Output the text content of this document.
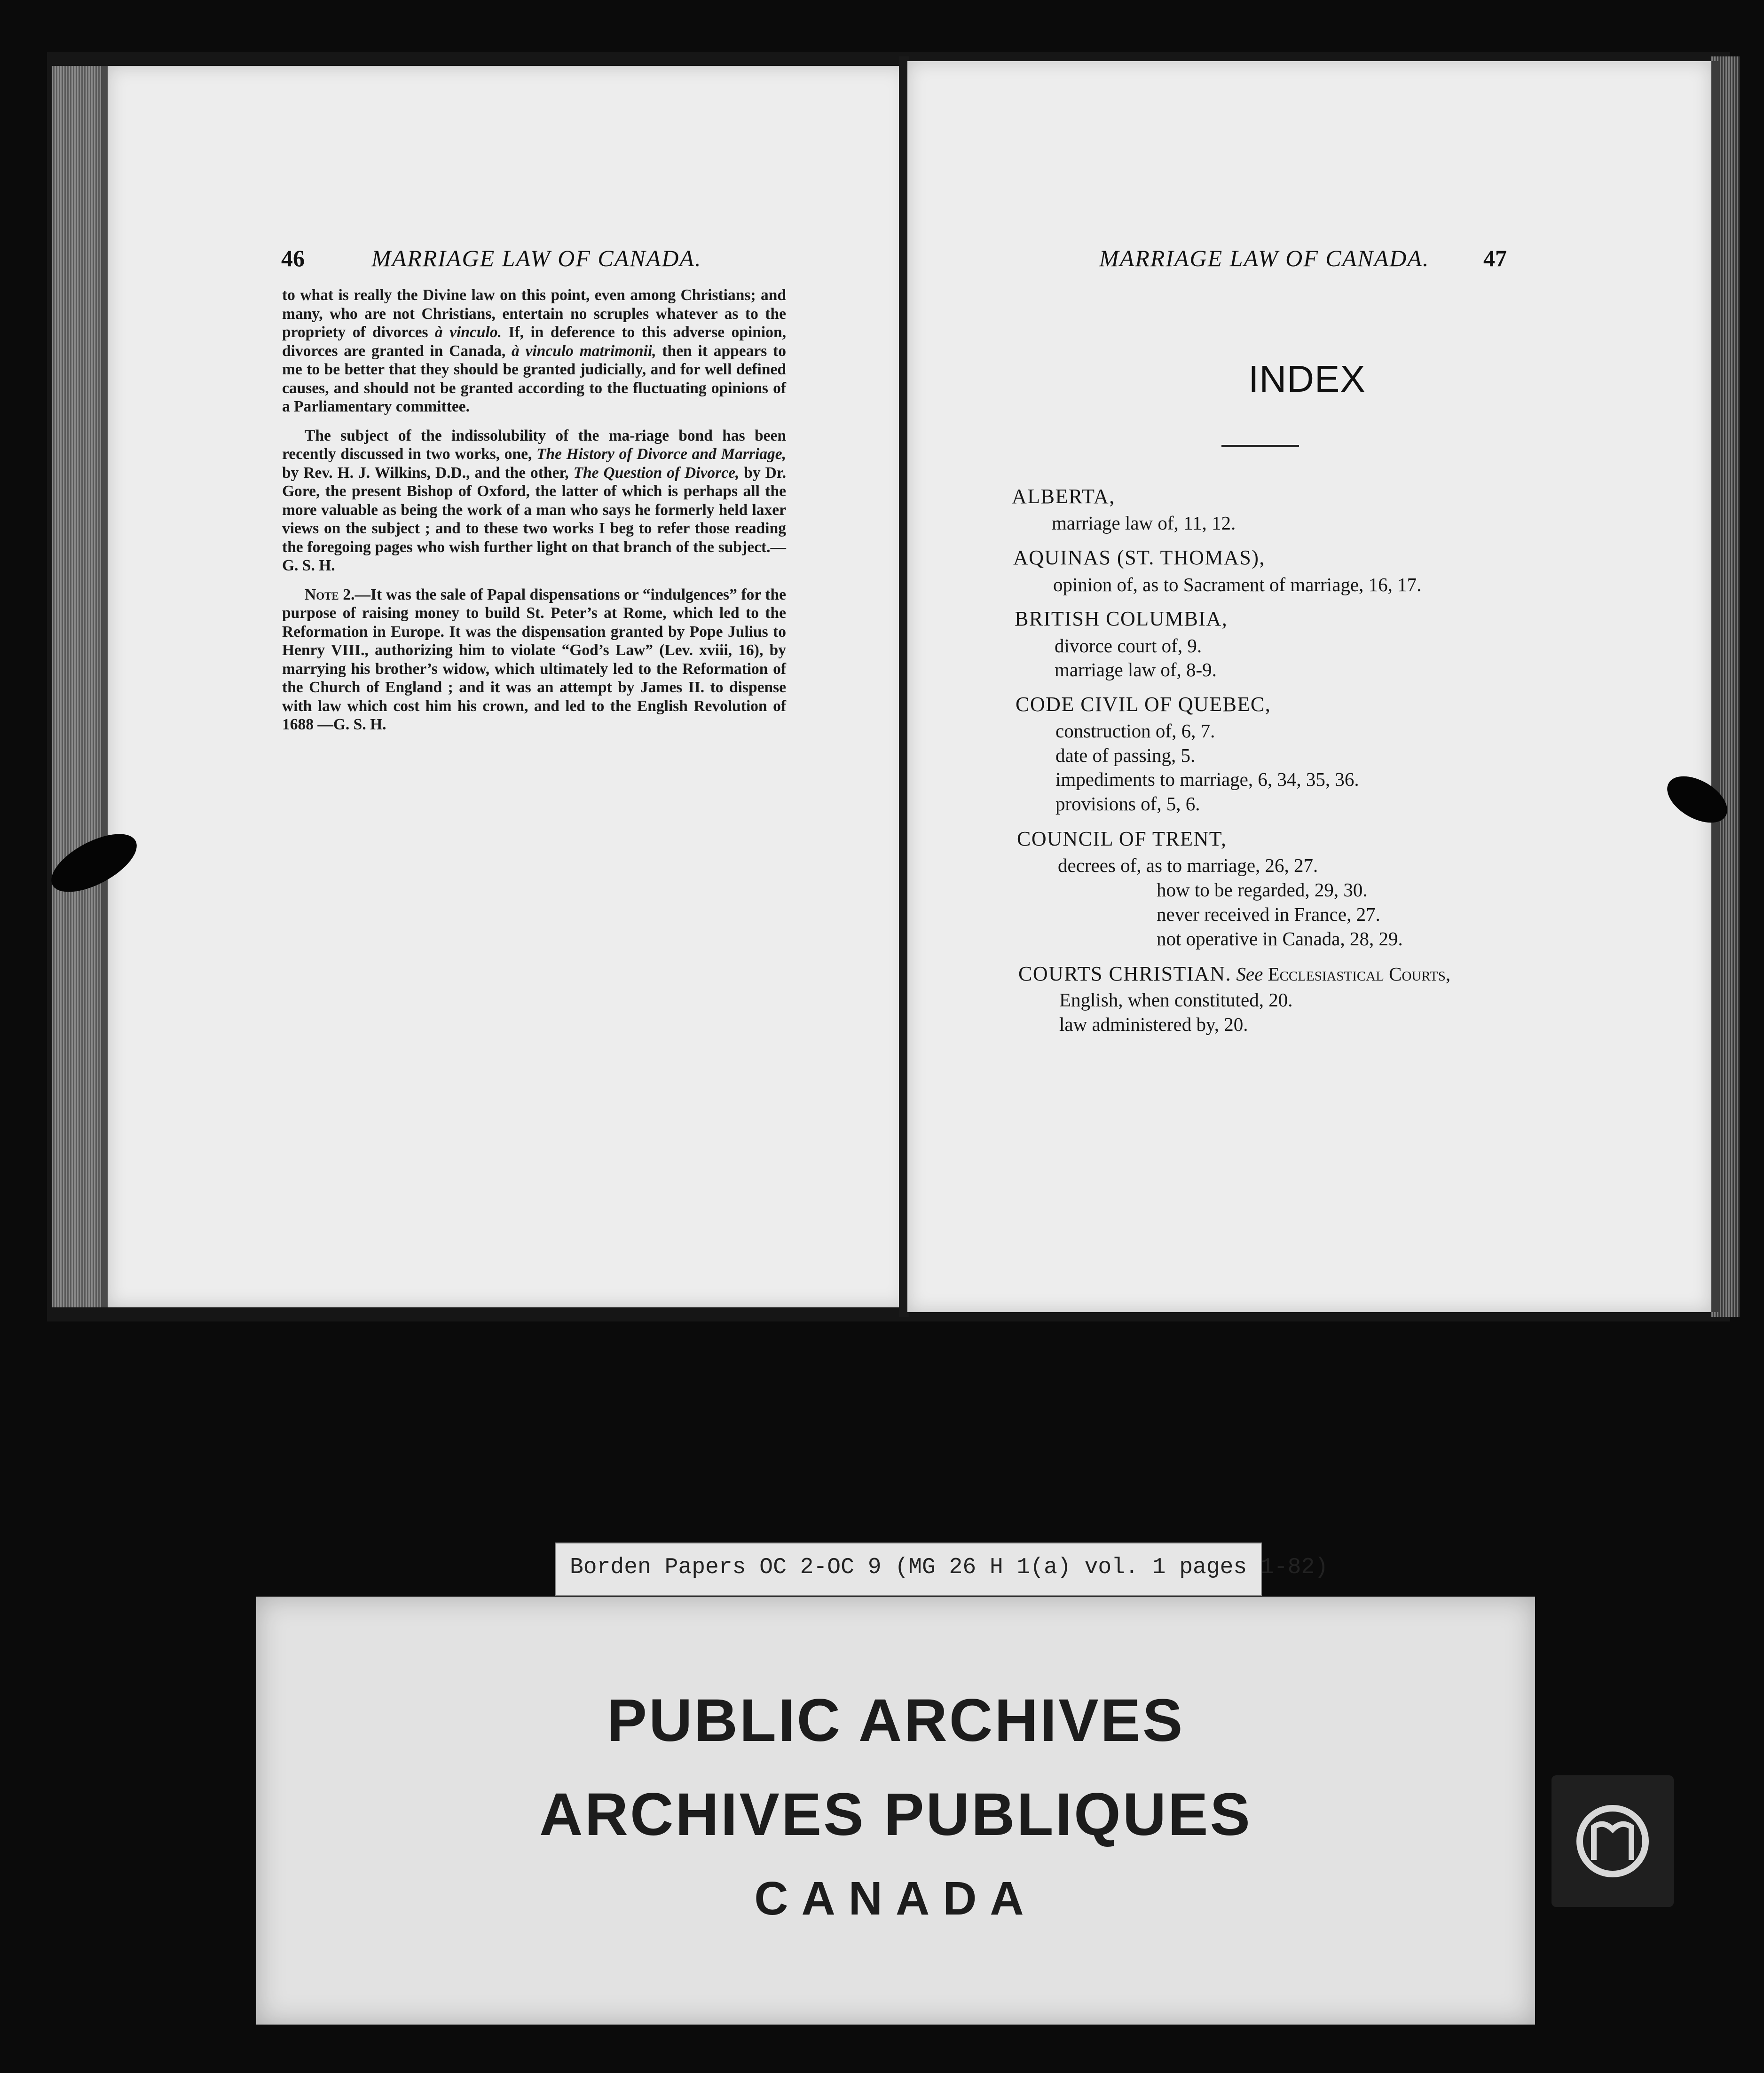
46	MARRIAGE LAW OF CANADA.

to what is really the Divine law on this point, even among Christians; and many, who are not Christians, entertain no scruples whatever as to the propriety of divorces à vinculo. If, in deference to this adverse opinion, divorces are granted in Canada, à vinculo matrimonii, then it appears to me to be better that they should be granted judicially, and for well defined causes, and should not be granted according to the fluctuating opinions of a Parliamentary committee.

The subject of the indissolubility of the ma-riage bond has been recently discussed in two works, one, The History of Divorce and Marriage, by Rev. H. J. Wilkins, D.D., and the other, The Question of Divorce, by Dr. Gore, the present Bishop of Oxford, the latter of which is perhaps all the more valuable as being the work of a man who says he formerly held laxer views on the subject ; and to these two works I beg to refer those reading the foregoing pages who wish further light on that branch of the subject.—G. S. H.

Note 2.—It was the sale of Papal dispensations or “indulgences” for the purpose of raising money to build St. Peter’s at Rome, which led to the Reformation in Europe. It was the dispensation granted by Pope Julius to Henry VIII., authorizing him to violate “God’s Law” (Lev. xviii, 16), by marrying his brother’s widow, which ultimately led to the Reformation of the Church of England ; and it was an attempt by James II. to dispense with law which cost him his crown, and led to the English Revolution of 1688 —G. S. H.

MARRIAGE LAW OF CANADA. 47
INDEX
ALBERTA,
marriage law of, 11, 12.
AQUINAS (ST. THOMAS),
opinion of, as to Sacrament of marriage, 16, 17.
BRITISH COLUMBIA,
divorce court of, 9.
marriage law of, 8-9.
CODE CIVIL OF QUEBEC,
construction of, 6, 7.
date of passing, 5.
impediments to marriage, 6, 34, 35, 36.
provisions of, 5, 6.
COUNCIL OF TRENT,
decrees of, as to marriage, 26, 27.
how to be regarded, 29, 30.
never received in France, 27.
not operative in Canada, 28, 29.
COURTS CHRISTIAN. See Ecclesiastical Courts,
English, when constituted, 20.
law administered by, 20.
Borden Papers OC 2-OC 9 (MG 26 H 1(a) vol. 1 pages 1-82)
PUBLIC ARCHIVES
ARCHIVES PUBLIQUES
CANADA
